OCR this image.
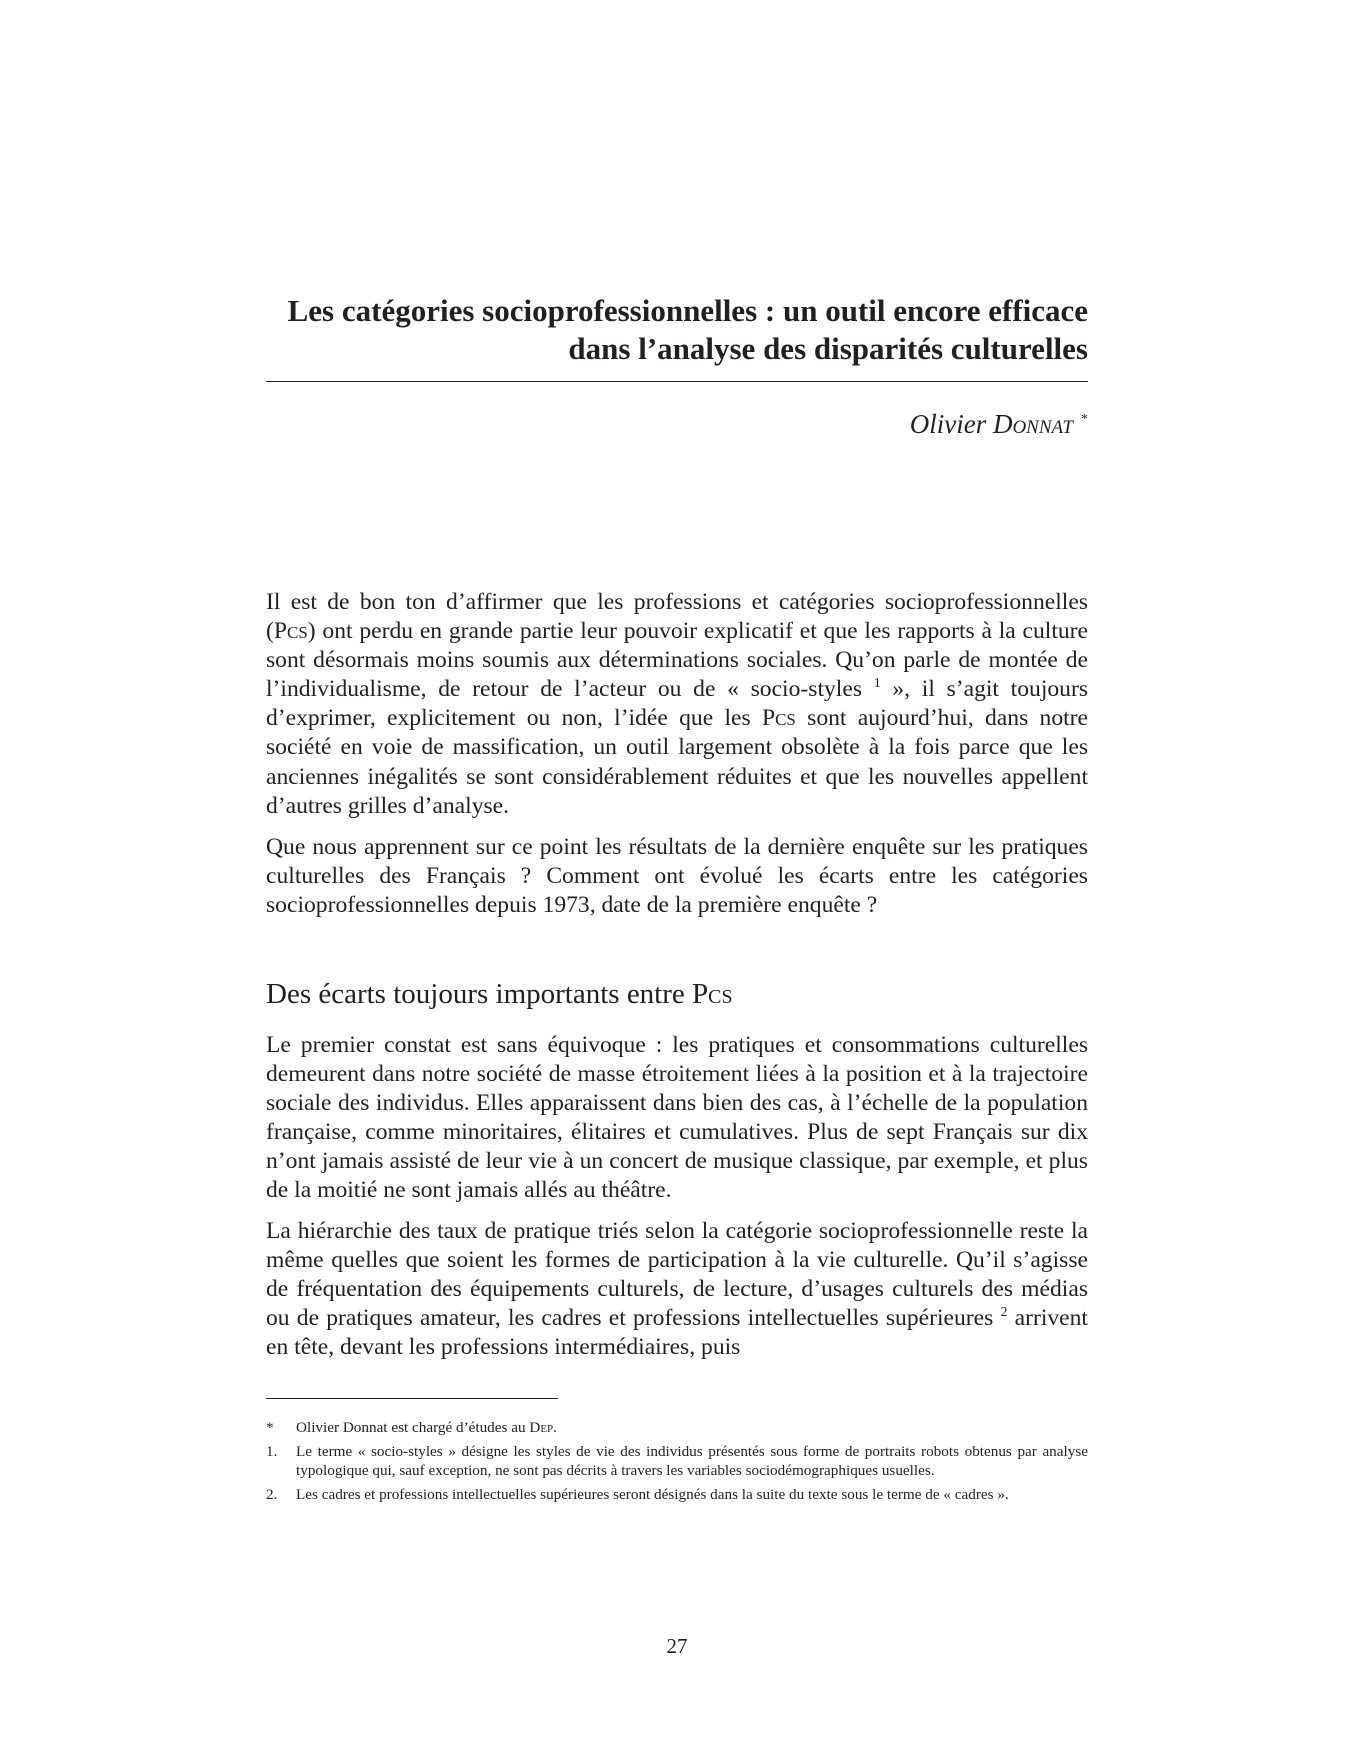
Les catégories socioprofessionnelles : un outil encore efficace
dans l’analyse des disparités culturelles
Olivier Donnat *

Il est de bon ton d’affirmer que les professions et catégories socioprofessionnelles (Pcs) ont perdu en grande partie leur pouvoir explicatif et que les rapports à la culture sont désormais moins soumis aux déterminations sociales. Qu’on parle de montée de l’individualisme, de retour de l’acteur ou de « socio-styles $^1$ », il s’agit toujours d’exprimer, explicitement ou non, l’idée que les Pcs sont aujourd’hui, dans notre société en voie de massification, un outil largement obsolète à la fois parce que les anciennes inégalités se sont considérablement réduites et que les nouvelles appellent d’autres grilles d’analyse.

Que nous apprennent sur ce point les résultats de la dernière enquête sur les pratiques culturelles des Français ? Comment ont évolué les écarts entre les catégories socioprofessionnelles depuis 1973, date de la première enquête ?

Des écarts toujours importants entre Pcs

Le premier constat est sans équivoque : les pratiques et consommations culturelles demeurent dans notre société de masse étroitement liées à la position et à la trajectoire sociale des individus. Elles apparaissent dans bien des cas, à l’échelle de la population française, comme minoritaires, élitaires et cumulatives. Plus de sept Français sur dix n’ont jamais assisté de leur vie à un concert de musique classique, par exemple, et plus de la moitié ne sont jamais allés au théâtre.

La hiérarchie des taux de pratique triés selon la catégorie socioprofessionnelle reste la même quelles que soient les formes de participation à la vie culturelle. Qu’il s’agisse de fréquentation des équipements culturels, de lecture, d’usages culturels des médias ou de pratiques amateur, les cadres et professions intellectuelles supérieures $^2$ arrivent en tête, devant les professions intermédiaires, puis

* Olivier Donnat est chargé d’études au Dep.

1. Le terme « socio-styles » désigne les styles de vie des individus présentés sous forme de portraits robots obtenus par analyse typologique qui, sauf exception, ne sont pas décrits à travers les variables sociodémographiques usuelles.

2. Les cadres et professions intellectuelles supérieures seront désignés dans la suite du texte sous le terme de « cadres ».

27
